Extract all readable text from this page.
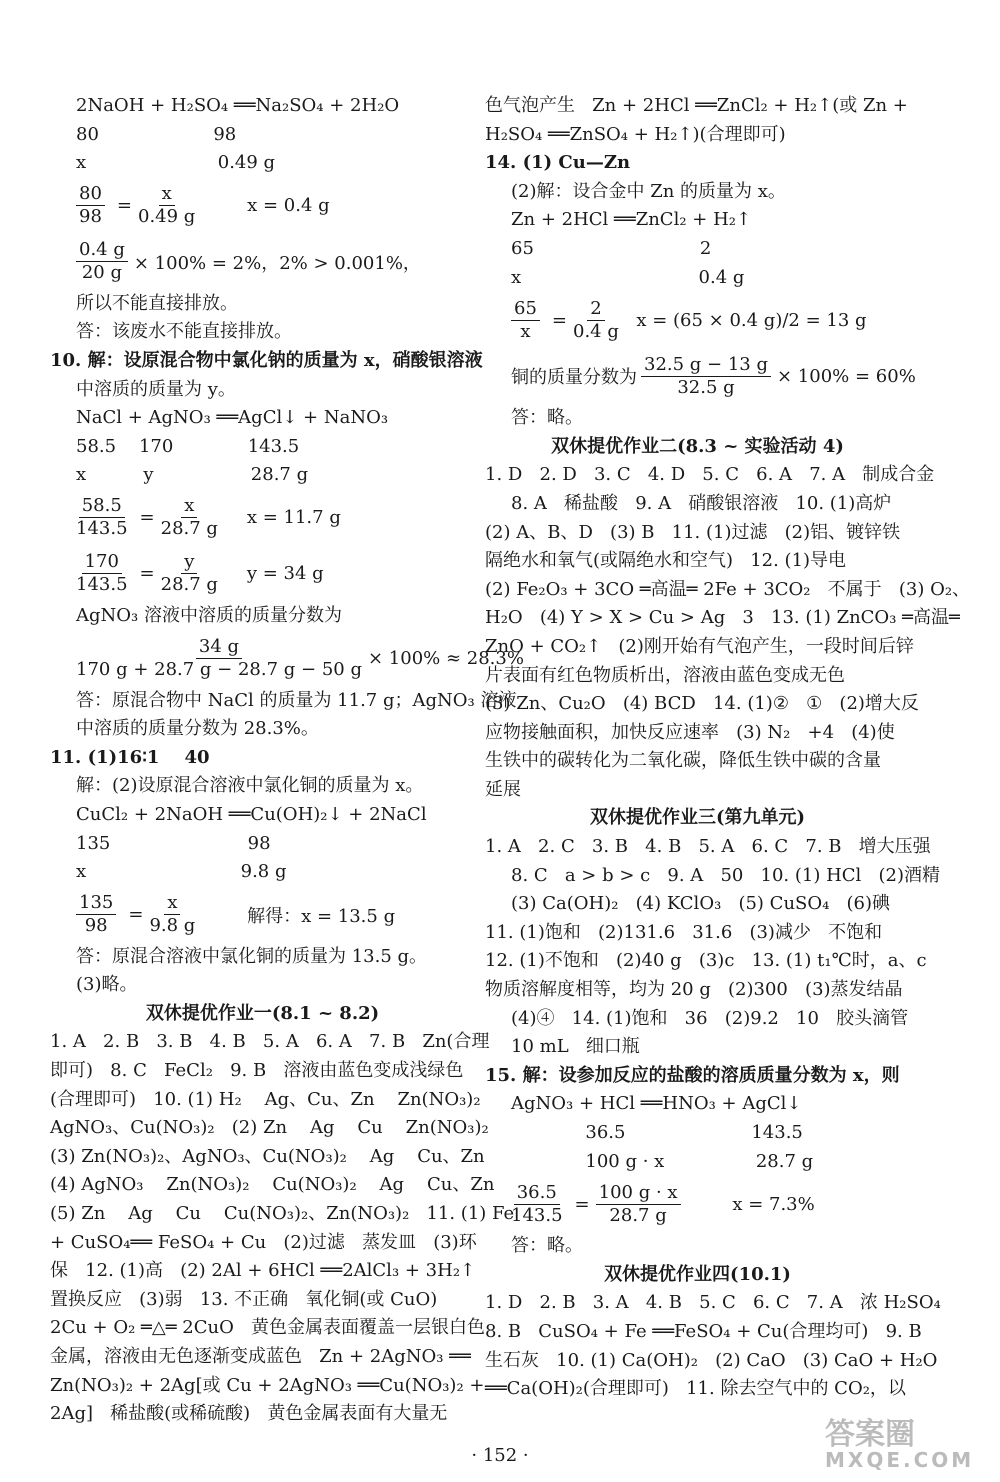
2NaOH + H₂SO₄ ══Na₂SO₄ + 2H₂O
80                    98
x                       0.49 g
$\frac{80}{98} = \frac{x}{0.49 g}$ x = 0.4 g
$\frac{0.4 g}{20 g} \times 100\% = 2\%$，2% > 0.001%，
所以不能直接排放。
答：该废水不能直接排放。
10. 解：设原混合物中氯化钠的质量为 x，硝酸银溶液
中溶质的质量为 y。
NaCl + AgNO₃ ══AgCl↓ + NaNO₃
58.5    170             143.5
x          y                 28.7 g
$\frac{58.5}{143.5} = \frac{x}{28.7 g}$ x = 11.7 g
$\frac{170}{143.5} = \frac{y}{28.7 g}$ y = 34 g
AgNO₃ 溶液中溶质的质量分数为
$\frac{34 g}{170 g + 28.7 g - 28.7 g - 50 g} \times 100\% \approx 28.3\%$
答：原混合物中 NaCl 的质量为 11.7 g；AgNO₃ 溶液
中溶质的质量分数为 28.3%。
11. (1)16∶1    40
解：(2)设原混合溶液中氯化铜的质量为 x。
CuCl₂ + 2NaOH ══Cu(OH)₂↓ + 2NaCl
135                        98
x                           9.8 g
$\frac{135}{98} = \frac{x}{9.8 g}$ 解得：x = 13.5 g
答：原混合溶液中氯化铜的质量为 13.5 g。
(3)略。
双休提优作业一(8.1 ~ 8.2)
1. A   2. B   3. B   4. B   5. A   6. A   7. B   Zn(合理
即可)   8. C   FeCl₂   9. B   溶液由蓝色变成浅绿色
(合理即可)   10. (1) H₂    Ag、Cu、Zn    Zn(NO₃)₂
AgNO₃、Cu(NO₃)₂   (2) Zn    Ag    Cu    Zn(NO₃)₂
(3) Zn(NO₃)₂、AgNO₃、Cu(NO₃)₂    Ag    Cu、Zn
(4) AgNO₃    Zn(NO₃)₂    Cu(NO₃)₂    Ag    Cu、Zn
(5) Zn    Ag    Cu    Cu(NO₃)₂、Zn(NO₃)₂   11. (1) Fe
+ CuSO₄══ FeSO₄ + Cu   (2)过滤   蒸发皿   (3)环
保   12. (1)高   (2) 2Al + 6HCl ══2AlCl₃ + 3H₂↑
置换反应   (3)弱   13. 不正确   氧化铜(或 CuO)
2Cu + O₂ ═△═ 2CuO   黄色金属表面覆盖一层银白色
金属，溶液由无色逐渐变成蓝色   Zn + 2AgNO₃ ══
Zn(NO₃)₂ + 2Ag[或 Cu + 2AgNO₃ ══Cu(NO₃)₂ +
2Ag]   稀盐酸(或稀硫酸)   黄色金属表面有大量无
色气泡产生   Zn + 2HCl ══ZnCl₂ + H₂↑(或 Zn +
H₂SO₄ ══ZnSO₄ + H₂↑)(合理即可)
14. (1) Cu—Zn
(2)解：设合金中 Zn 的质量为 x。
Zn + 2HCl ══ZnCl₂ + H₂↑
65                             2
x                               0.4 g
$\frac{65}{x} = \frac{2}{0.4 g}$ x = (65 × 0.4 g)/2 = 13 g
铜的质量分数为 $\frac{32.5 g - 13 g}{32.5 g} \times 100\% = 60\%$
答：略。
双休提优作业二(8.3 ~ 实验活动 4)
1. D   2. D   3. C   4. D   5. C   6. A   7. A   制成合金
8. A   稀盐酸   9. A   硝酸银溶液   10. (1)高炉
(2) A、B、D   (3) B   11. (1)过滤   (2)铝、镀锌铁
隔绝水和氧气(或隔绝水和空气)   12. (1)导电
(2) Fe₂O₃ + 3CO ═高温═ 2Fe + 3CO₂   不属于   (3) O₂、
H₂O   (4) Y > X > Cu > Ag   3   13. (1) ZnCO₃ ═高温═
ZnO + CO₂↑   (2)刚开始有气泡产生，一段时间后锌
片表面有红色物质析出，溶液由蓝色变成无色
(3) Zn、Cu₂O   (4) BCD   14. (1)②   ①   (2)增大反
应物接触面积，加快反应速率   (3) N₂   +4   (4)使
生铁中的碳转化为二氧化碳，降低生铁中碳的含量
延展
双休提优作业三(第九单元)
1. A   2. C   3. B   4. B   5. A   6. C   7. B   增大压强
8. C   a > b > c   9. A   50   10. (1) HCl   (2)酒精
(3) Ca(OH)₂   (4) KClO₃   (5) CuSO₄   (6)碘
11. (1)饱和   (2)131.6   31.6   (3)减少   不饱和
12. (1)不饱和   (2)40 g   (3)c   13. (1) t₁℃时，a、c
物质溶解度相等，均为 20 g   (2)300   (3)蒸发结晶
(4)④   14. (1)饱和   36   (2)9.2   10   胶头滴管
10 mL   细口瓶
15. 解：设参加反应的盐酸的溶质质量分数为 x，则
AgNO₃ + HCl ══HNO₃ + AgCl↓
36.5                      143.5
100 g · x                28.7 g
$\frac{36.5}{143.5} = \frac{100 g \cdot x}{28.7 g}$ x = 7.3%
答：略。
双休提优作业四(10.1)
1. D   2. B   3. A   4. B   5. C   6. C   7. A   浓 H₂SO₄
8. B   CuSO₄ + Fe ══FeSO₄ + Cu(合理均可)   9. B
生石灰   10. (1) Ca(OH)₂   (2) CaO   (3) CaO + H₂O
══Ca(OH)₂(合理即可)   11. 除去空气中的 CO₂，以
· 152 ·
答案圈
MXQE.COM
